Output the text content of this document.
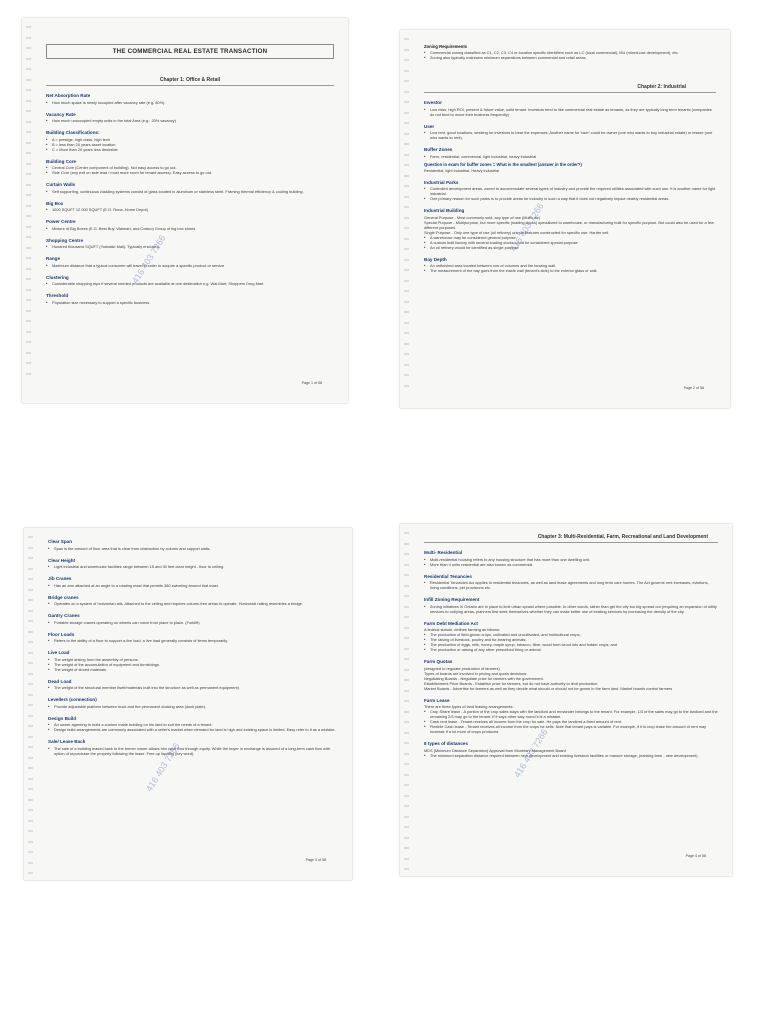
THE COMMERCIAL REAL ESTATE TRANSACTION
Chapter 1: Office & Retail
Net Absorption Rate
• How much space is newly occupied after vacancy rate (e.g. 80%)
Vacancy Rate
• How much unoccupied empty units in the total Area (e.g.: 20% vacancy)
Building Classifications:
• A = prestige, high class, high tech
• B = less than 20 years asset location
• C = More than 20 years less desirable
Building Core
• Central Core (Center component of building). Not easy access to go out.
• Side Core (any exit on side lead / must more room for tenant access). Easy access to go out.
Curtain Walls
• Self supporting, continuous cladding systems consist of glass located in aluminum or stainless steel. Framing thermal efficiency & cooling building.
Big Box
• 1000 SQUFT 12 000 SQUFT (E.G. Rona, Home Depot)
Power Centre
• Mixture of Big Boxes (E.G. Best Buy, Walmart, and Costco) Group of big box stores
Shopping Centre
• Hundred thousand SQUFT (Yorkdale Mall). Typically enclosed.
Range
• Maximum distance that a typical consumer will travel in order to acquire a specific product or service
Clustering
• Considerable shopping trips if several needed products are available at one destination e.g. Wal-Mart, Shoppers Drug Mart
Threshold
• Population size necessary to support a specific business
Page 1 of 58
416 403 7266
Zoning Requirements
• Commercial zoning classified as C1, C2, C3, C4 or location specific identifiers such as LC (local commercial), MU (mixed-use development), etc.
• Zoning also typically maintains minimum separations between commercial and retail areas.
Chapter 2: Industrial
Investor
• Low risks, high ROI, present & future value, solid tenant. Investors tend to like commercial real estate as tenants, as they are typically long term tenants (companies do not tend to move their business frequently)
User
• Low rent, good locations, seeking for investors to bear the expenses. Another name for 'user' could be owner (one who wants to buy industrial estate) or lessee (one who wants to rent).
Buffer Zones
• Farm, residential, commercial, light industrial, heavy industrial
Question in exam for buffer zones = What is the smallest (answer in the order?)

Residential, light industrial, Heavy industrial

Industrial Parks
• Controlled development areas, zoned to accommodate several types of industry and provide the required utilities associated with such use. It is another name for light industrial.
• One primary reason for such parks is to provide areas for industry in such a way that it does not negatively impact nearby residential areas.
Industrial Building

General Purpose - Most commonly sold, any type of use (Multi use)

Special Purpose - Multipurpose, but more specific (loading docks) specialized to warehouse, or manufacturing built for specific purpose. But could also be used for a few different purposes.

Single Purpose - Only one type of use (oil refinery) unique features constructed for specific use. Harder sell.

• A warehouse may be considered general purpose
• A custom built factory with several loading docks could be considered special purpose
• An oil refinery would be identified as single purpose
Bay Depth
• An unfinished area located between row of columns and the bearing wall.
• The measurement of the bay goes from the inside wall (tenant's side) to the exterior glass or wall.
Page 2 of 58
416 403 7266
Clear Span
• Span is the amount of floor area that is clear from obstruction by column and support walls.
Clear Height
• Light industrial and warehouse facilities range between 15 and 30 feet clear height - floor to ceiling.
Jib Cranes
• Has an arm attached at an angle to a rotating mast that permits 360 swiveling around that mast.
Bridge cranes
• Operates on a system of horizontal rails. Attached to the ceiling and requires column-free areas to operate. Horizontal railing resembles a bridge.
Gantry Cranes
• Portable storage cranes operating on wheels can move from place to place. (Forklift)
Floor Loads
• Refers to the ability of a floor to support a live load, a live load generally consists of items temporarily.
Live Load
• The weight arising from the assembly of persons.
• The weight of the accumulation of equipment and furnishings.
• The weight of stored materials.
Dead Load
• The weight of the structural member itself/materials built into the structure as well as permanent equipment)
Levellers (connection)
• Provide adjustable platform between truck and the permanent docking area (dock plate).
Design Build
• An owner agreeing to build a custom made building on his land to suit the needs of a tenant.
• Design build arrangements are commonly associated with a seller's market when demand for land is high and existing space is limited. Easy refer to it as a mistake.
Sale/ Lease Back
• The sale of a building leased back to the former owner allows him cash flow through equity. While the buyer in exchange is assured of a long-term cash flow with option of repurchase the property following the lease. Free up liquidity (key word).
Page 3 of 58
416 403 7266
Chapter 3: Multi-Residential, Farm, Recreational and Land Development
Multi- Residential
• Multi-residential housing refers to any housing structure that has more than one dwelling unit.
• More than 4 units residential are also known as commercial.
Residential Tenancies
• Residential Tenancies Act applies to residential tenancies, as well as land lease agreements and long term care homes. The Act governs rent increases, evictions, living conditions, pet provisions etc.
Infill Zoning Requirement
• Zoning initiatives in Ontario are in place to limit urban sprawl where possible. In other words, rather than get the city too big spread out (requiring an expansion of utility services to outlying areas, planners first seek themselves whether they can make better use of existing services by increasing the density of the city.
Farm Debt Mediation Act

A federal statute, defines farming as follows:

• The production of field-grown crops, cultivated and uncultivated, and horticultural crops;
• The raising of livestock, poultry and fur-bearing animals;
• The production of eggs, milk, honey, maple syrup, tobacco, fibre, wood from wood lots and fodder crops; and
• The production or raising of any other prescribed thing or animal.
Farm Quotas

(designed to regulate production of farmers)

Types of boards are involved in pricing and quota decisions:

Negotiating Boards - Negotiate price for farmers with the government.

Establishment Price Boards - Establish price for farmers, but do not have authority to limit production.

Market Boards - Advertise for farmers as well as they decide what should or should not be grown in the farm land. Market boards control farmers

Farm Lease

There are three types of land leasing arrangements:

• Crop Share lease - A portion of the crop sales stays with the landlord and remainder belongs to the tenant. For example, 1/3 of the sales may go to the landlord and the remaining 2/3 may go to the tenant. If it says other way round it is a mistake.
• Cash rent lease - Tenant receives all income from the crop for sale. He pays the landlord a fixed amount of rent.
• Flexible Cash lease - Tenant receives all income from the crops he sells. Note that tenant pays is variable. For example, if it is crop lease the amount of rent may increase if a lot more of crops produced.
8 types of distances

MDS (Minimum Distance Separation) Approval from Monetary Management Board

• The minimum separation distance required between new development and existing livestock facilities or manure storage, (existing farm - new development)
Page 4 of 58
416 403 7266
